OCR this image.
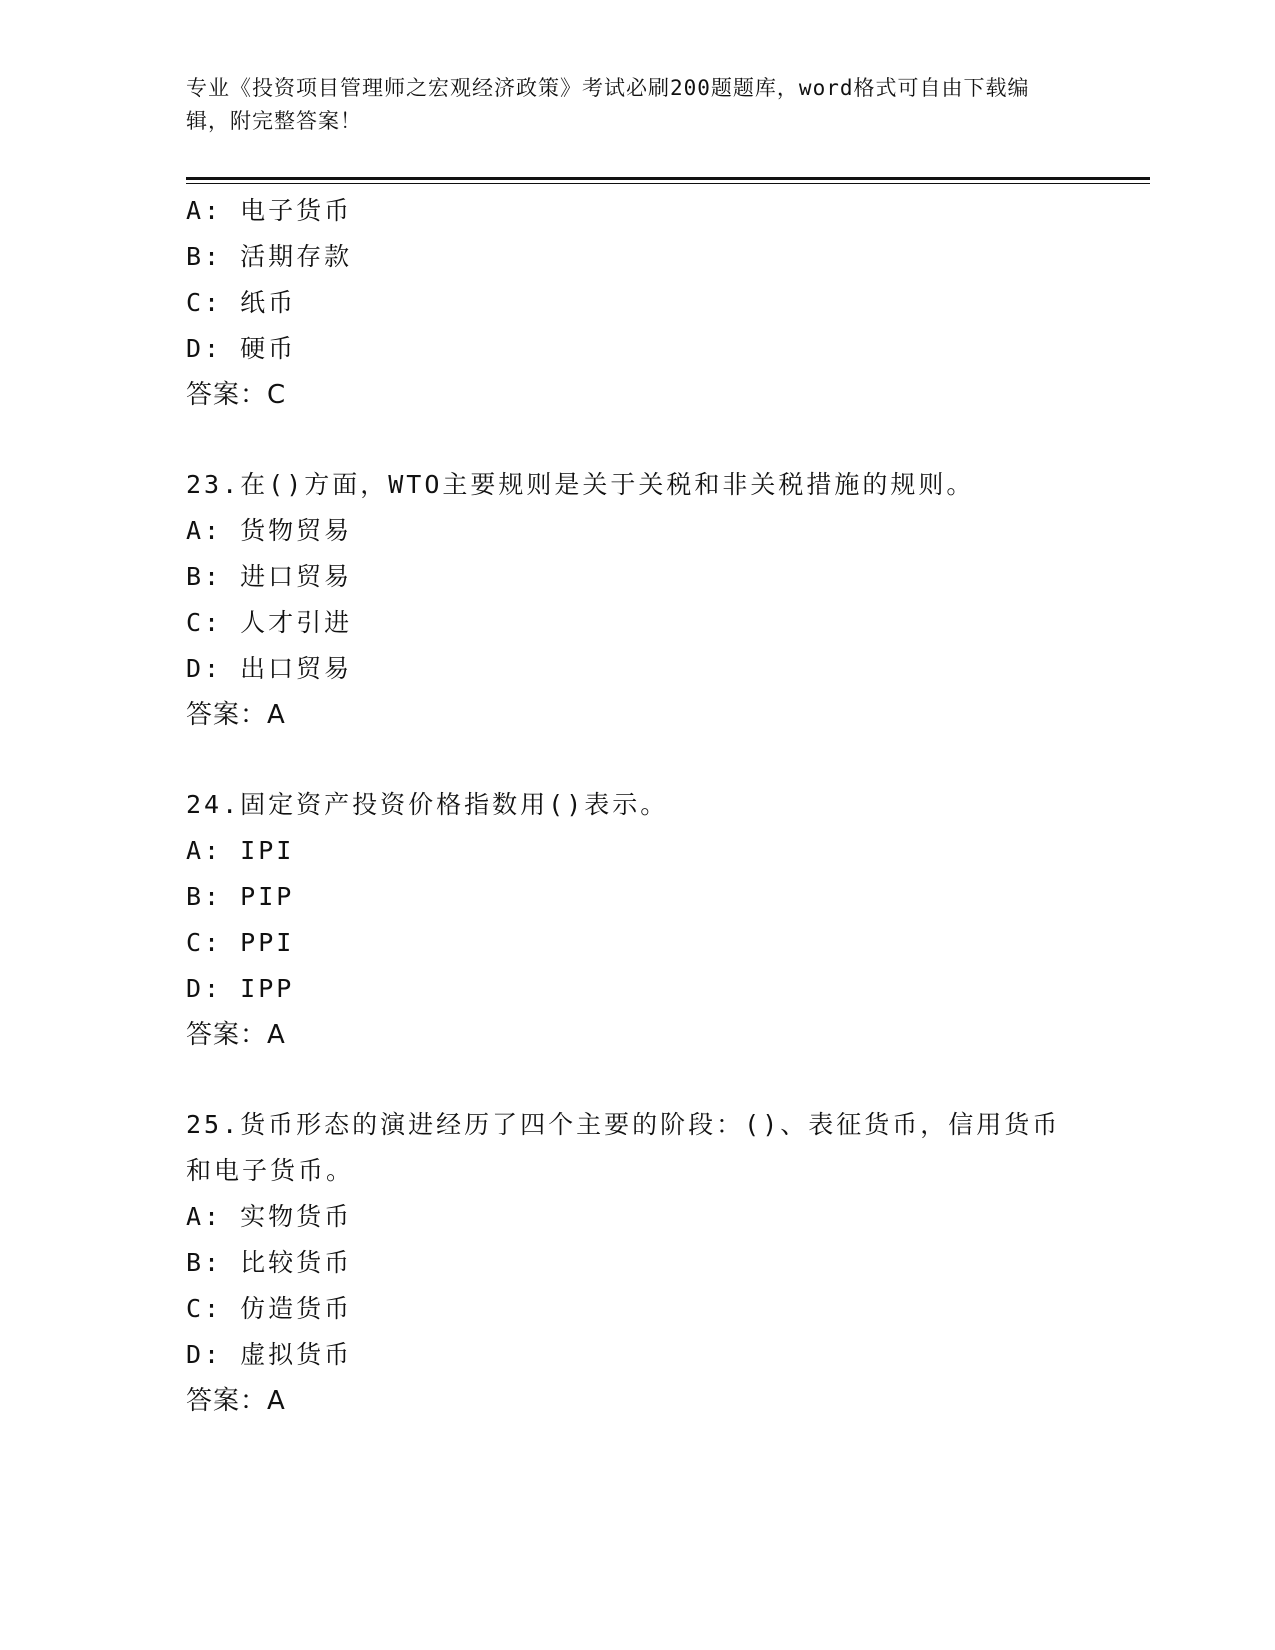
专业《投资项目管理师之宏观经济政策》考试必刷200题题库，word格式可自由下载编辑，附完整答案！
A: 电子货币
B: 活期存款
C: 纸币
D: 硬币
答案：C
23.在()方面，WTO主要规则是关于关税和非关税措施的规则。
A: 货物贸易
B: 进口贸易
C: 人才引进
D: 出口贸易
答案：A
24.固定资产投资价格指数用()表示。
A: IPI
B: PIP
C: PPI
D: IPP
答案：A
25.货币形态的演进经历了四个主要的阶段：()、表征货币，信用货币和电子货币。
A: 实物货币
B: 比较货币
C: 仿造货币
D: 虚拟货币
答案：A
